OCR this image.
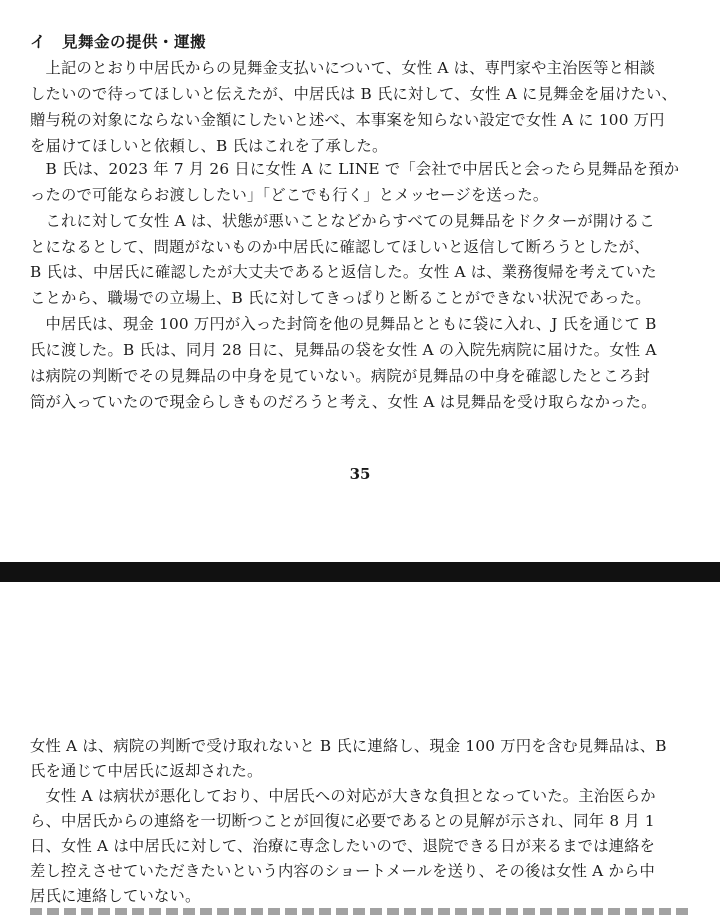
イ　見舞金の提供・運搬
　上記のとおり中居氏からの見舞金支払いについて、女性 A は、専門家や主治医等と相談
したいので待ってほしいと伝えたが、中居氏は B 氏に対して、女性 A に見舞金を届けたい、
贈与税の対象にならない金額にしたいと述べ、本事案を知らない設定で女性 A に 100 万円
を届けてほしいと依頼し、B 氏はこれを了承した。
　B 氏は、2023 年 7 月 26 日に女性 A に LINE で「会社で中居氏と会ったら見舞品を預か
ったので可能ならお渡ししたい」「どこでも行く」とメッセージを送った。
　これに対して女性 A は、状態が悪いことなどからすべての見舞品をドクターが開けるこ
とになるとして、問題がないものか中居氏に確認してほしいと返信して断ろうとしたが、
B 氏は、中居氏に確認したが大丈夫であると返信した。女性 A は、業務復帰を考えていた
ことから、職場での立場上、B 氏に対してきっぱりと断ることができない状況であった。
　中居氏は、現金 100 万円が入った封筒を他の見舞品とともに袋に入れ、J 氏を通じて B
氏に渡した。B 氏は、同月 28 日に、見舞品の袋を女性 A の入院先病院に届けた。女性 A
は病院の判断でその見舞品の中身を見ていない。病院が見舞品の中身を確認したところ封
筒が入っていたので現金らしきものだろうと考え、女性 A は見舞品を受け取らなかった。
35
女性 A は、病院の判断で受け取れないと B 氏に連絡し、現金 100 万円を含む見舞品は、B
氏を通じて中居氏に返却された。
　女性 A は病状が悪化しており、中居氏への対応が大きな負担となっていた。主治医らか
ら、中居氏からの連絡を一切断つことが回復に必要であるとの見解が示され、同年 8 月 1
日、女性 A は中居氏に対して、治療に専念したいので、退院できる日が来るまでは連絡を
差し控えさせていただきたいという内容のショートメールを送り、その後は女性 A から中
居氏に連絡していない。
